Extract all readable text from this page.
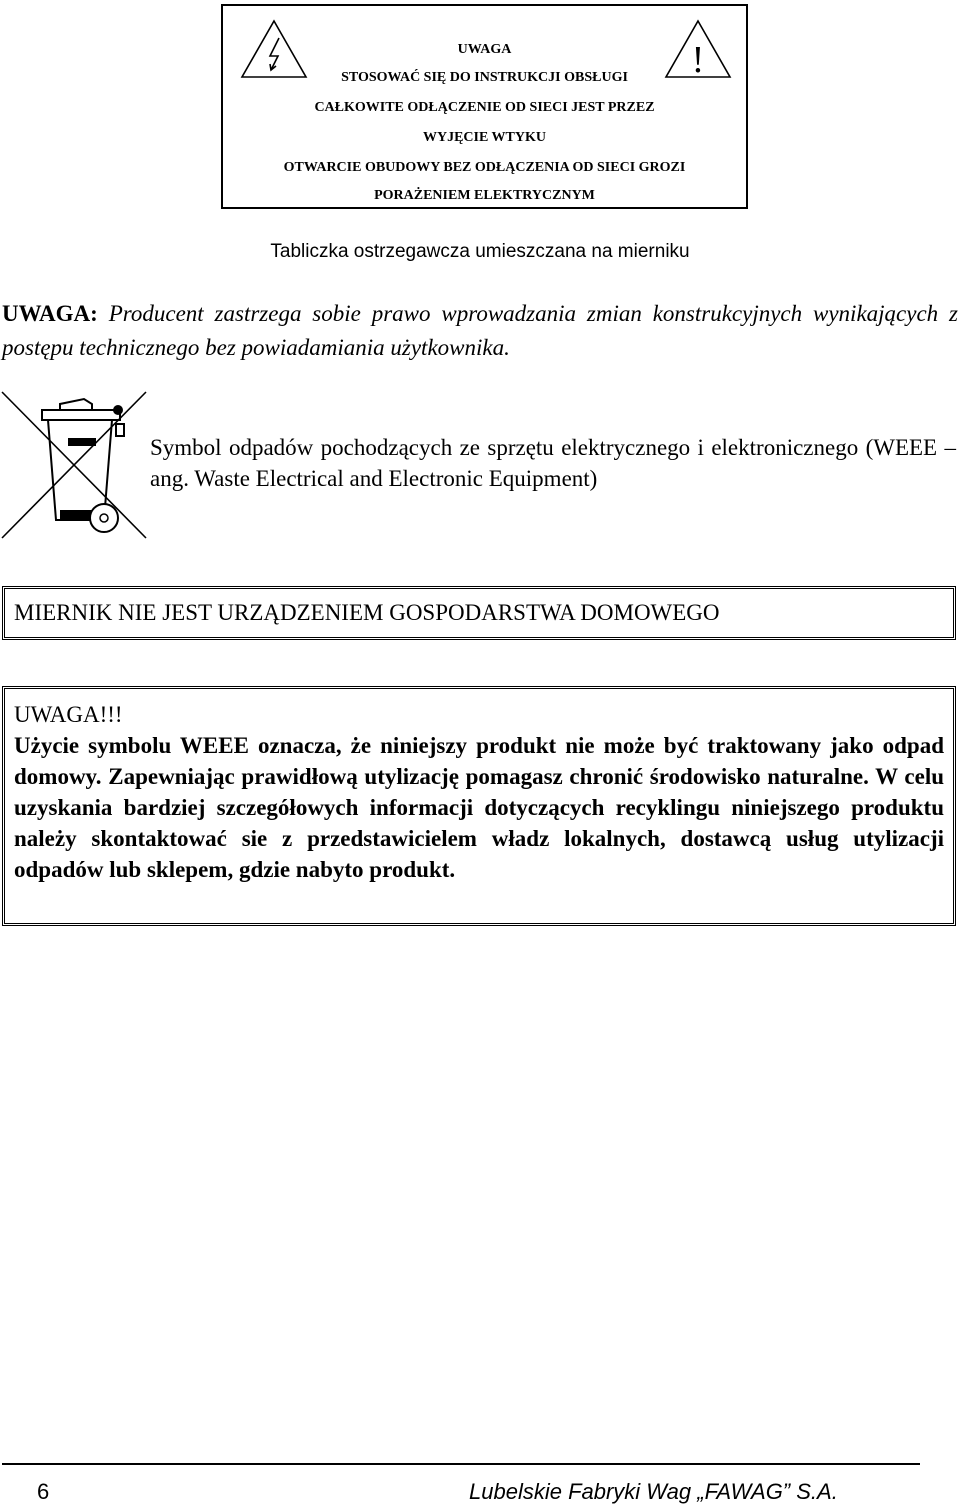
!
UWAGA
STOSOWAĆ SIĘ DO INSTRUKCJI OBSŁUGI
CAŁKOWITE ODŁĄCZENIE OD SIECI JEST PRZEZ
WYJĘCIE WTYKU
OTWARCIE OBUDOWY BEZ ODŁĄCZENIA OD SIECI GROZI
PORAŻENIEM ELEKTRYCZNYM
Tabliczka ostrzegawcza umieszczana na mierniku
UWAGA: Producent zastrzega sobie prawo wprowadzania zmian konstrukcyjnych wynikających z postępu technicznego bez powiadamiania użytkownika.
Symbol odpadów pochodzących ze sprzętu elektrycznego i elektronicznego (WEEE – ang. Waste Electrical and Electronic Equipment)
MIERNIK NIE JEST URZĄDZENIEM GOSPODARSTWA DOMOWEGO
UWAGA!!!
Użycie symbolu WEEE oznacza, że niniejszy produkt nie może być traktowany jako odpad domowy. Zapewniając prawidłową utylizację pomagasz chronić środowisko naturalne. W celu uzyskania bardziej szczegółowych informacji dotyczących recyklingu niniejszego produktu należy skontaktować sie z przedstawicielem władz lokalnych, dostawcą usług utylizacji odpadów lub sklepem, gdzie nabyto produkt.
6	Lubelskie Fabryki Wag „FAWAG” S.A.
